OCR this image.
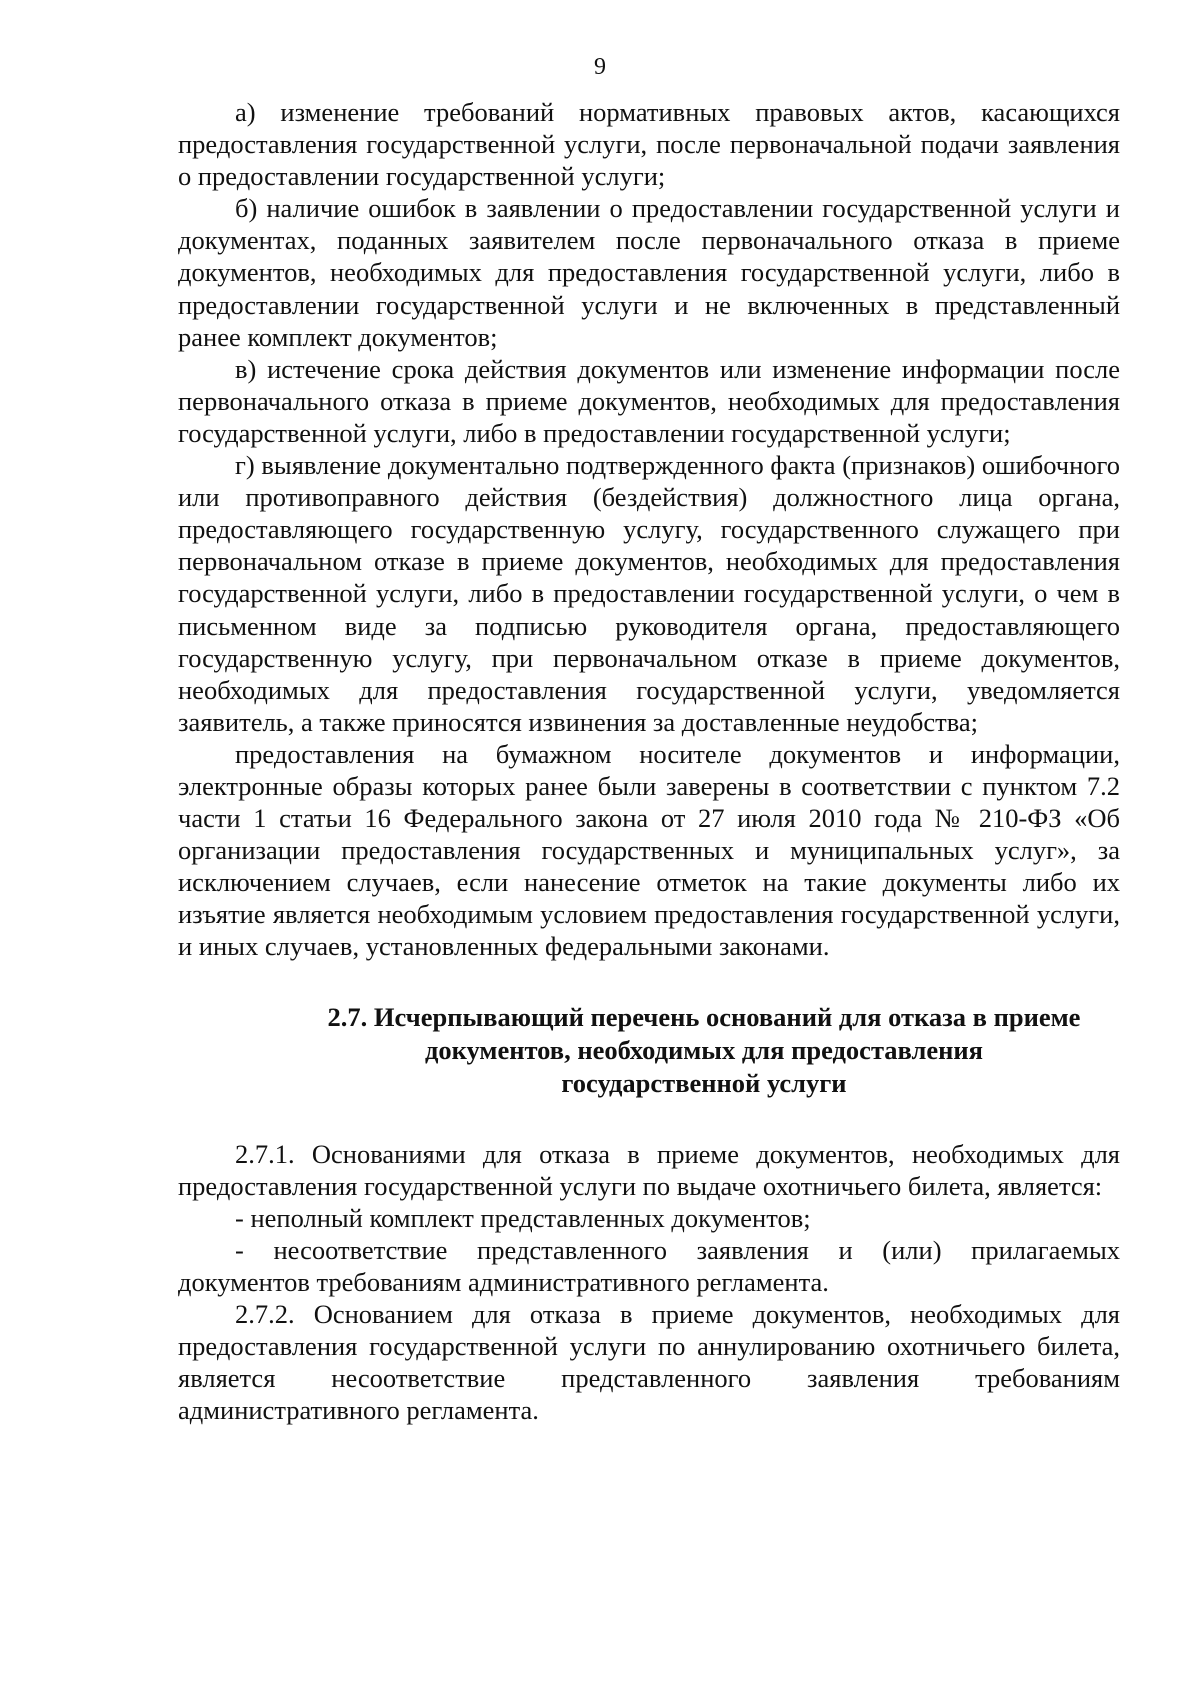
9

а) изменение требований нормативных правовых актов, касающихся предоставления государственной услуги, после первоначальной подачи заявления о предоставлении государственной услуги;

б) наличие ошибок в заявлении о предоставлении государственной услуги и документах, поданных заявителем после первоначального отказа в приеме документов, необходимых для предоставления государственной услуги, либо в предоставлении государственной услуги и не включенных в представленный ранее комплект документов;

в) истечение срока действия документов или изменение информации после первоначального отказа в приеме документов, необходимых для предоставления государственной услуги, либо в предоставлении государственной услуги;

г) выявление документально подтвержденного факта (признаков) ошибочного или противоправного действия (бездействия) должностного лица органа, предоставляющего государственную услугу, государственного служащего при первоначальном отказе в приеме документов, необходимых для предоставления государственной услуги, либо в предоставлении государственной услуги, о чем в письменном виде за подписью руководителя органа, предоставляющего государственную услугу, при первоначальном отказе в приеме документов, необходимых для предоставления государственной услуги, уведомляется заявитель, а также приносятся извинения за доставленные неудобства;

предоставления на бумажном носителе документов и информации, электронные образы которых ранее были заверены в соответствии с пунктом 7.2 части 1 статьи 16 Федерального закона от 27 июля 2010 года № 210-ФЗ «Об организации предоставления государственных и муниципальных услуг», за исключением случаев, если нанесение отметок на такие документы либо их изъятие является необходимым условием предоставления государственной услуги, и иных случаев, установленных федеральными законами.

2.7. Исчерпывающий перечень оснований для отказа в приеме
документов, необходимых для предоставления
государственной услуги

2.7.1. Основаниями для отказа в приеме документов, необходимых для предоставления государственной услуги по выдаче охотничьего билета, является:

- неполный комплект представленных документов;

- несоответствие представленного заявления и (или) прилагаемых документов требованиям административного регламента.

2.7.2. Основанием для отказа в приеме документов, необходимых для предоставления государственной услуги по аннулированию охотничьего билета, является несоответствие представленного заявления требованиям административного регламента.
